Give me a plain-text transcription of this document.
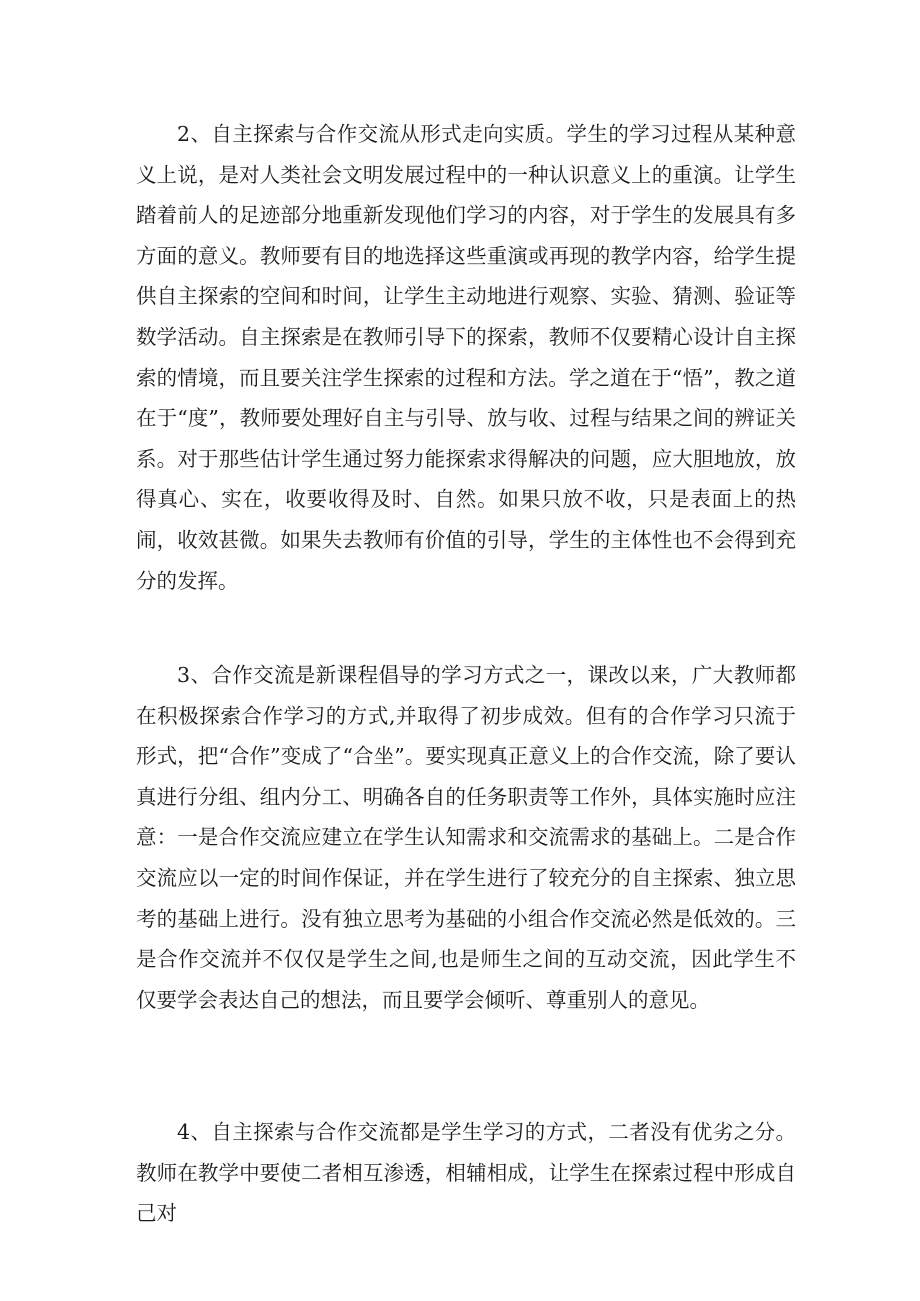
2、自主探索与合作交流从形式走向实质。学生的学习过程从某种意义上说，是对人类社会文明发展过程中的一种认识意义上的重演。让学生踏着前人的足迹部分地重新发现他们学习的内容，对于学生的发展具有多方面的意义。教师要有目的地选择这些重演或再现的教学内容，给学生提供自主探索的空间和时间，让学生主动地进行观察、实验、猜测、验证等数学活动。自主探索是在教师引导下的探索，教师不仅要精心设计自主探索的情境，而且要关注学生探索的过程和方法。学之道在于“悟”，教之道在于“度”，教师要处理好自主与引导、放与收、过程与结果之间的辨证关系。对于那些估计学生通过努力能探索求得解决的问题，应大胆地放，放得真心、实在，收要收得及时、自然。如果只放不收，只是表面上的热闹，收效甚微。如果失去教师有价值的引导，学生的主体性也不会得到充分的发挥。

3、合作交流是新课程倡导的学习方式之一，课改以来，广大教师都在积极探索合作学习的方式,并取得了初步成效。但有的合作学习只流于形式，把“合作”变成了“合坐”。要实现真正意义上的合作交流，除了要认真进行分组、组内分工、明确各自的任务职责等工作外，具体实施时应注意：一是合作交流应建立在学生认知需求和交流需求的基础上。二是合作交流应以一定的时间作保证，并在学生进行了较充分的自主探索、独立思考的基础上进行。没有独立思考为基础的小组合作交流必然是低效的。三是合作交流并不仅仅是学生之间,也是师生之间的互动交流，因此学生不仅要学会表达自己的想法，而且要学会倾听、尊重别人的意见。

4、自主探索与合作交流都是学生学习的方式，二者没有优劣之分。教师在教学中要使二者相互渗透，相辅相成，让学生在探索过程中形成自己对
